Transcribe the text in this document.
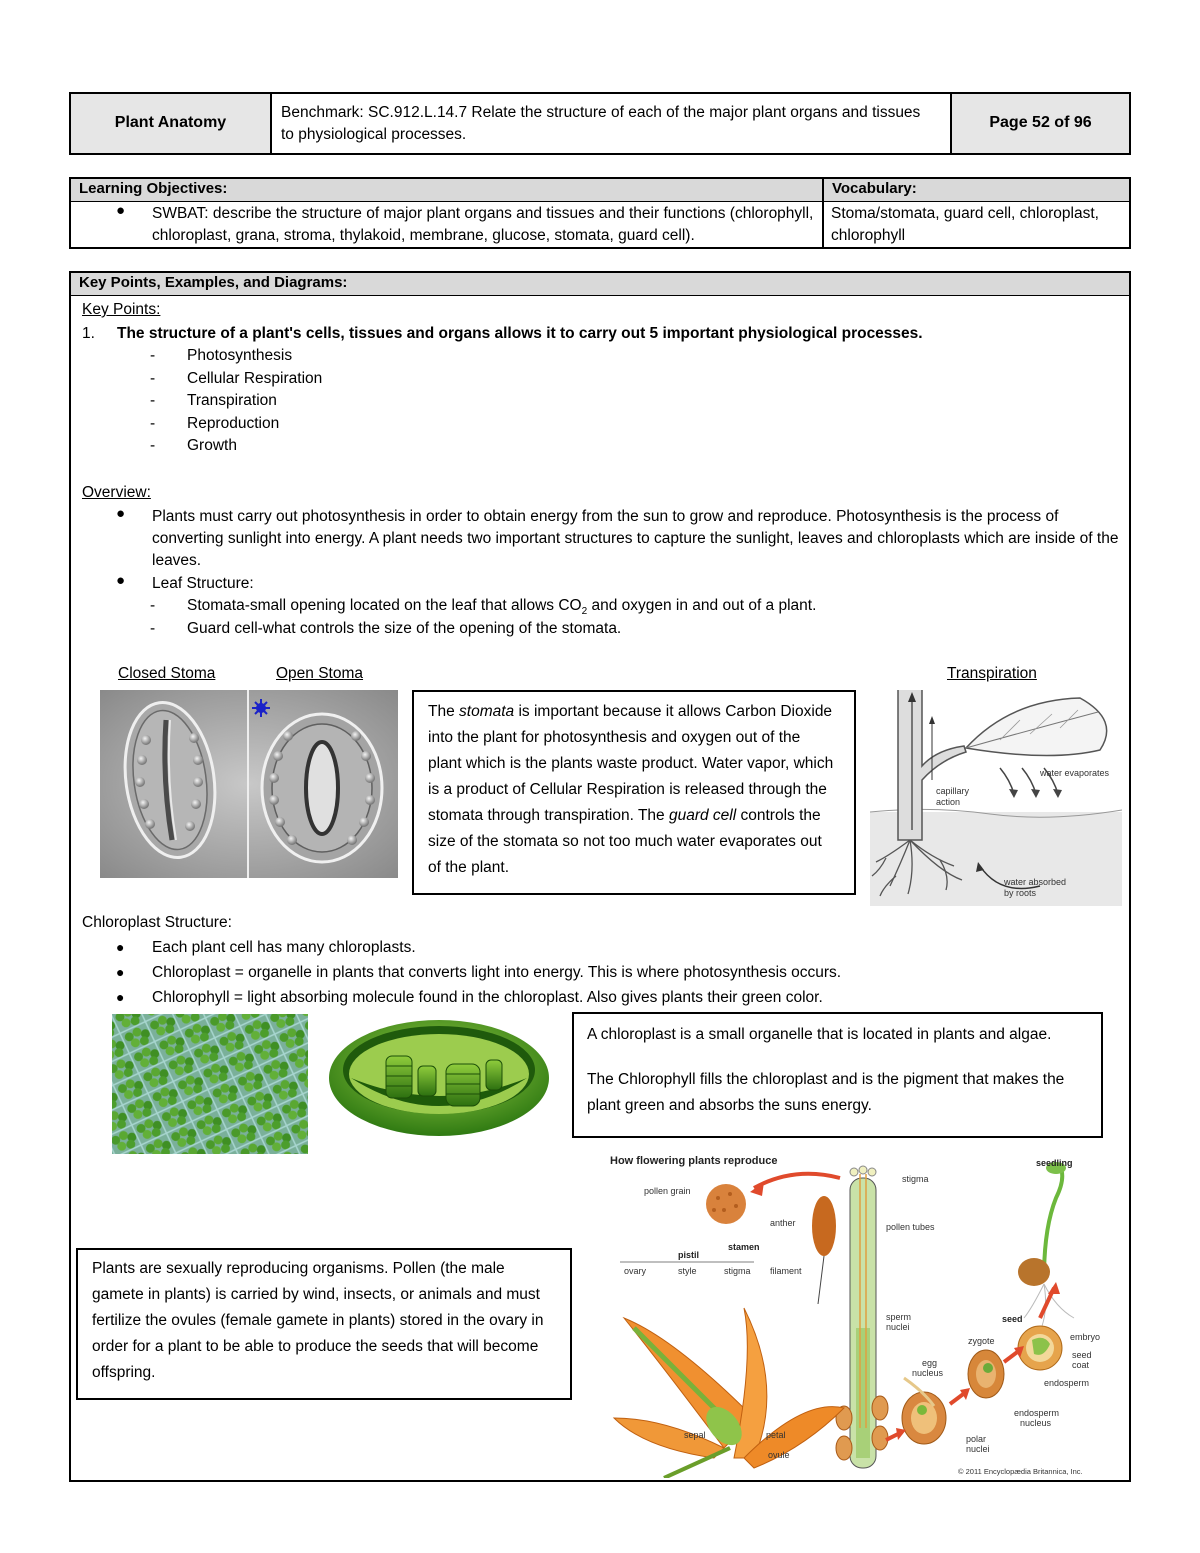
Plant Anatomy
Benchmark: SC.912.L.14.7 Relate the structure of each of the major plant organs and tissues to physiological processes.
Page 52 of 96
Learning Objectives:	Vocabulary:
● SWBAT: describe the structure of major plant organs and tissues and their functions (chlorophyll, chloroplast, grana, stroma, thylakoid, membrane, glucose, stomata, guard cell).
Stoma/stomata, guard cell, chloroplast, chlorophyll
Key Points, Examples, and Diagrams:
Key Points:
1. The structure of a plant's cells, tissues and organs allows it to carry out 5 important physiological processes.
- Photosynthesis
- Cellular Respiration
- Transpiration
- Reproduction
- Growth
Overview:
● Plants must carry out photosynthesis in order to obtain energy from the sun to grow and reproduce. Photosynthesis is the process of converting sunlight into energy. A plant needs two important structures to capture the sunlight, leaves and chloroplasts which are inside of the leaves.
● Leaf Structure:
- Stomata-small opening located on the leaf that allows $CO_2$ and oxygen in and out of a plant.
- Guard cell-what controls the size of the opening of the stomata.
Closed Stoma	Open Stoma	Transpiration
The stomata is important because it allows Carbon Dioxide into the plant for photosynthesis and oxygen out of the plant which is the plants waste product. Water vapor, which is a product of Cellular Respiration is released through the stomata through transpiration. The guard cell controls the size of the stomata so not too much water evaporates out of the plant.
capillary
action
water evaporates
water absorbed
by roots
Chloroplast Structure:
● Each plant cell has many chloroplasts.
● Chloroplast = organelle in plants that converts light into energy. This is where photosynthesis occurs.
● Chlorophyll = light absorbing molecule found in the chloroplast. Also gives plants their green color.
A chloroplast is a small organelle that is located in plants and algae.
The Chlorophyll fills the chloroplast and is the pigment that makes the plant green and absorbs the suns energy.
Plants are sexually reproducing organisms. Pollen (the male gamete in plants) is carried by wind, insects, or animals and must fertilize the ovules (female gamete in plants) stored in the ovary in order for a plant to be able to produce the seeds that will become offspring.
How flowering plants reproduce
pollen grain
stigma
seedling
anther	pollen tubes
stamen
pistil
ovary	style	stigma filament
sperm
nuclei
seed
zygote	embryo
egg
nucleus
seed
coat
endosperm
endosperm
nucleus
sepal	petal	polar
nuclei
ovule
© 2011 Encyclopædia Britannica, Inc.
